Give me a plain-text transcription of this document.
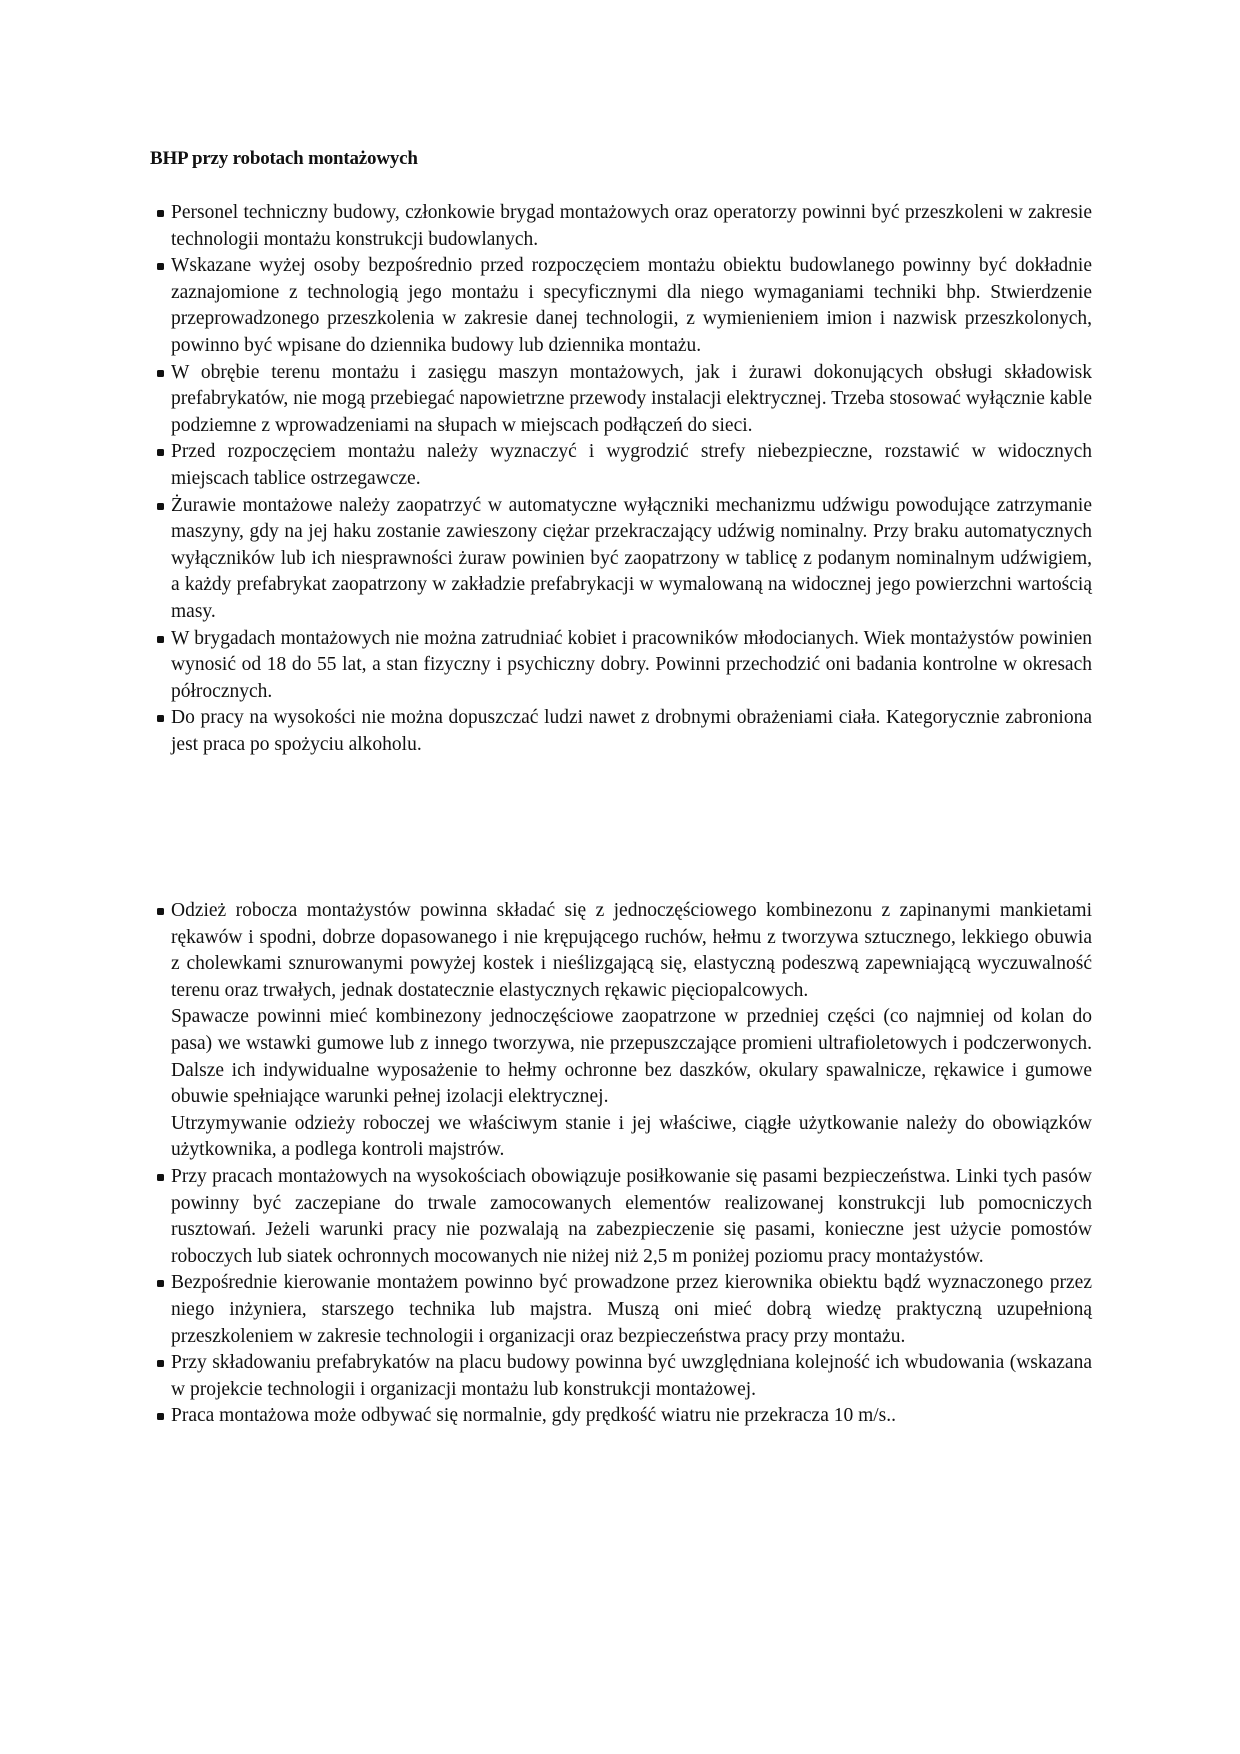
BHP przy robotach montażowych
Personel techniczny budowy, członkowie brygad montażowych oraz operatorzy powinni być przeszkoleni w zakresie technologii montażu konstrukcji budowlanych.
Wskazane wyżej osoby bezpośrednio przed rozpoczęciem montażu obiektu budowlanego powinny być dokładnie zaznajomione z technologią jego montażu i specyficznymi dla niego wymaganiami techniki bhp. Stwierdzenie przeprowadzonego przeszkolenia w zakresie danej technologii, z wymienieniem imion i nazwisk przeszkolonych, powinno być wpisane do dziennika budowy lub dziennika montażu.
W obrębie terenu montażu i zasięgu maszyn montażowych, jak i żurawi dokonujących obsługi składowisk prefabrykatów, nie mogą przebiegać napowietrzne przewody instalacji elektrycznej. Trzeba stosować wyłącznie kable podziemne z wprowadzeniami na słupach w miejscach podłączeń do sieci.
Przed rozpoczęciem montażu należy wyznaczyć i wygrodzić strefy niebezpieczne, rozstawić w widocznych miejscach tablice ostrzegawcze.
Żurawie montażowe należy zaopatrzyć w automatyczne wyłączniki mechanizmu udźwigu powodujące zatrzymanie maszyny, gdy na jej haku zostanie zawieszony ciężar przekraczający udźwig nominalny. Przy braku automatycznych wyłączników lub ich niesprawności żuraw powinien być zaopatrzony w tablicę z podanym nominalnym udźwigiem, a każdy prefabrykat zaopatrzony w zakładzie prefabrykacji w wymalowaną na widocznej jego powierzchni wartością masy.
W brygadach montażowych nie można zatrudniać kobiet i pracowników młodocianych. Wiek montażystów powinien wynosić od 18 do 55 lat, a stan fizyczny i psychiczny dobry. Powinni przechodzić oni badania kontrolne w okresach półrocznych.
Do pracy na wysokości nie można dopuszczać ludzi nawet z drobnymi obrażeniami ciała. Kategorycznie zabroniona jest praca po spożyciu alkoholu.
Odzież robocza montażystów powinna składać się z jednoczęściowego kombinezonu z zapinanymi mankietami rękawów i spodni, dobrze dopasowanego i nie krępującego ruchów, hełmu z tworzywa sztucznego, lekkiego obuwia z cholewkami sznurowanymi powyżej kostek i nieślizgającą się, elastyczną podeszwą zapewniającą wyczuwalność terenu oraz trwałych, jednak dostatecznie elastycznych rękawic pięciopalcowych.
Spawacze powinni mieć kombinezony jednoczęściowe zaopatrzone w przedniej części (co najmniej od kolan do pasa) we wstawki gumowe lub z innego tworzywa, nie przepuszczające promieni ultrafioletowych i podczerwonych. Dalsze ich indywidualne wyposażenie to hełmy ochronne bez daszków, okulary spawalnicze, rękawice i gumowe obuwie spełniające warunki pełnej izolacji elektrycznej.
Utrzymywanie odzieży roboczej we właściwym stanie i jej właściwe, ciągłe użytkowanie należy do obowiązków użytkownika, a podlega kontroli majstrów.
Przy pracach montażowych na wysokościach obowiązuje posiłkowanie się pasami bezpieczeństwa. Linki tych pasów powinny być zaczepiane do trwale zamocowanych elementów realizowanej konstrukcji lub pomocniczych rusztowań. Jeżeli warunki pracy nie pozwalają na zabezpieczenie się pasami, konieczne jest użycie pomostów roboczych lub siatek ochronnych mocowanych nie niżej niż 2,5 m poniżej poziomu pracy montażystów.
Bezpośrednie kierowanie montażem powinno być prowadzone przez kierownika obiektu bądź wyznaczonego przez niego inżyniera, starszego technika lub majstra. Muszą oni mieć dobrą wiedzę praktyczną uzupełnioną przeszkoleniem w zakresie technologii i organizacji oraz bezpieczeństwa pracy przy montażu.
Przy składowaniu prefabrykatów na placu budowy powinna być uwzględniana kolejność ich wbudowania (wskazana w projekcie technologii i organizacji montażu lub konstrukcji montażowej.
Praca montażowa może odbywać się normalnie, gdy prędkość wiatru nie przekracza 10 m/s..
